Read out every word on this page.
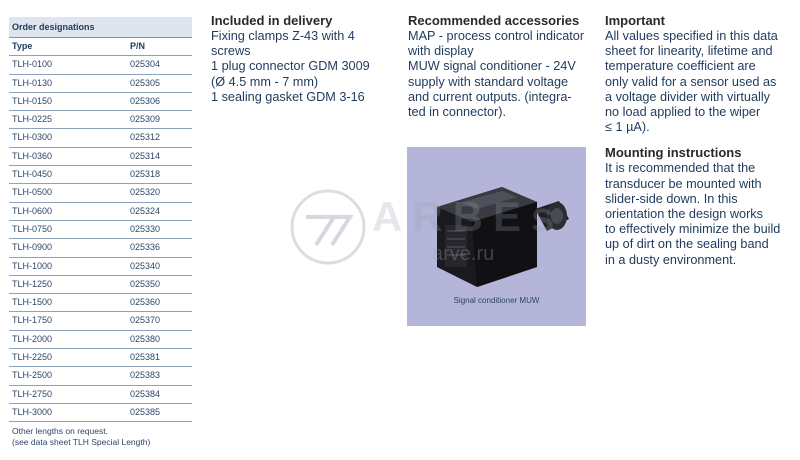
Order designations
Type	P/N
TLH-0100	025304
TLH-0130	025305
TLH-0150	025306
TLH-0225	025309
TLH-0300	025312
TLH-0360	025314
TLH-0450	025318
TLH-0500	025320
TLH-0600	025324
TLH-0750	025330
TLH-0900	025336
TLH-1000	025340
TLH-1250	025350
TLH-1500	025360
TLH-1750	025370
TLH-2000	025380
TLH-2250	025381
TLH-2500	025383
TLH-2750	025384
TLH-3000	025385
Other lengths on request.
(see data sheet TLH Special Length)
Included in delivery

Fixing clamps Z-43 with 4
screws
1 plug connector GDM 3009
(Ø 4.5 mm - 7 mm)
1 sealing gasket GDM 3-16

Recommended accessories

MAP - process control indicator
with display
MUW signal conditioner - 24V
supply with standard voltage
and current outputs. (integra-
ted in connector).

Signal conditioner MUW
Important

All values specified in this data
sheet for linearity, lifetime and
temperature coefficient are
only valid for a sensor used as
a voltage divider with virtually
no load applied to the wiper
≤ 1 µA).

Mounting instructions

It is recommended that the
transducer be mounted with
slider-side down. In this
orientation the design works
to effectively minimize the build
up of dirt on the sealing band
in a dusty environment.

ARBEs
arve.ru
